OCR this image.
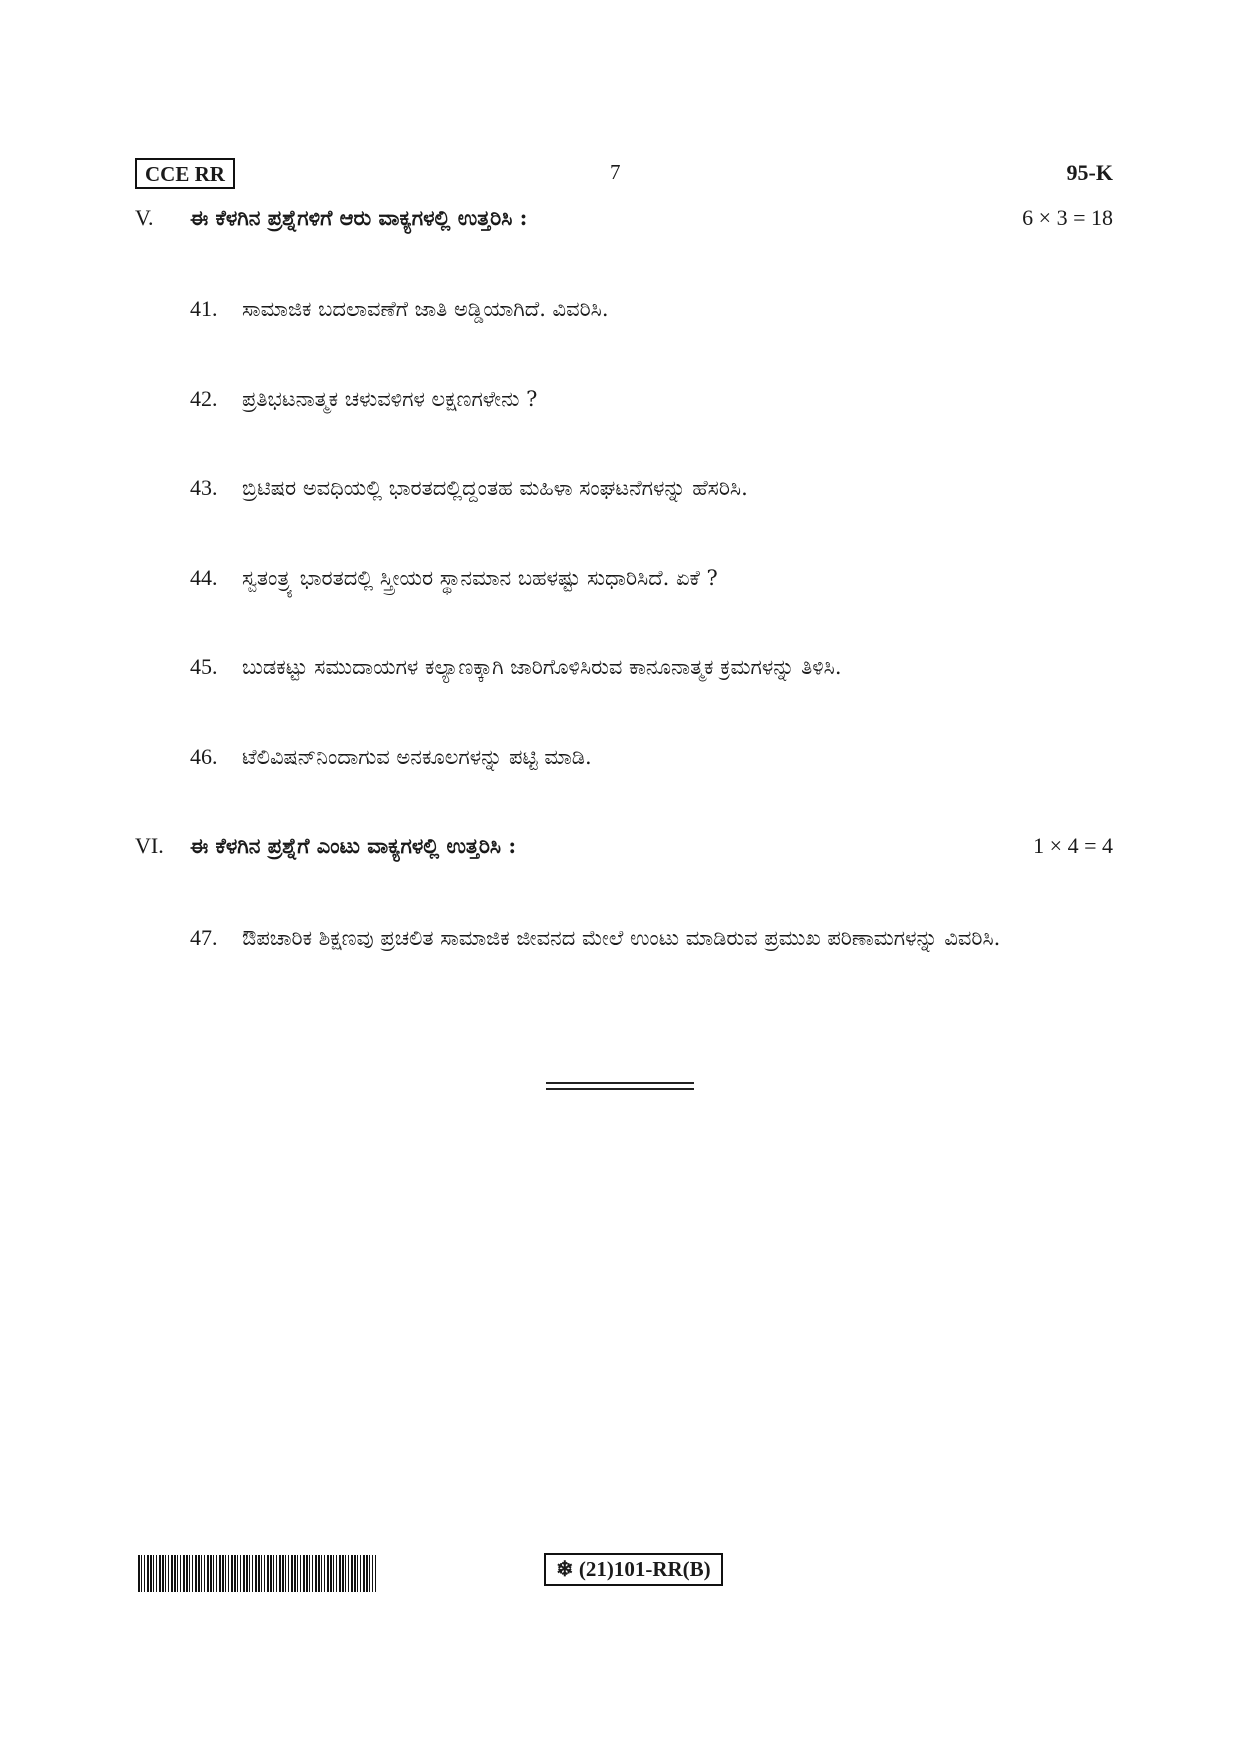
CCE RR	7	95-K
V. ಈ ಕೆಳಗಿನ ಪ್ರಶ್ನೆಗಳಿಗೆ ಆರು ವಾಕ್ಯಗಳಲ್ಲಿ ಉತ್ತರಿಸಿ :	6 × 3 = 18
41. ಸಾಮಾಜಿಕ ಬದಲಾವಣೆಗೆ ಜಾತಿ ಅಡ್ಡಿಯಾಗಿದೆ. ವಿವರಿಸಿ.
42. ಪ್ರತಿಭಟನಾತ್ಮಕ ಚಳುವಳಿಗಳ ಲಕ್ಷಣಗಳೇನು ?
43. ಬ್ರಿಟಿಷರ ಅವಧಿಯಲ್ಲಿ ಭಾರತದಲ್ಲಿದ್ದಂತಹ ಮಹಿಳಾ ಸಂಘಟನೆಗಳನ್ನು ಹೆಸರಿಸಿ.
44. ಸ್ವತಂತ್ರ್ಯ ಭಾರತದಲ್ಲಿ ಸ್ತ್ರೀಯರ ಸ್ಥಾನಮಾನ ಬಹಳಷ್ಟು ಸುಧಾರಿಸಿದೆ. ಏಕೆ ?
45. ಬುಡಕಟ್ಟು ಸಮುದಾಯಗಳ ಕಲ್ಯಾಣಕ್ಕಾಗಿ ಜಾರಿಗೊಳಿಸಿರುವ ಕಾನೂನಾತ್ಮಕ ಕ್ರಮಗಳನ್ನು ತಿಳಿಸಿ.
46. ಟೆಲಿವಿಷನ್‌ನಿಂದಾಗುವ ಅನಕೂಲಗಳನ್ನು ಪಟ್ಟಿ ಮಾಡಿ.
VI. ಈ ಕೆಳಗಿನ ಪ್ರಶ್ನೆಗೆ ಎಂಟು ವಾಕ್ಯಗಳಲ್ಲಿ ಉತ್ತರಿಸಿ :	1 × 4 = 4
47.	ಔಪಚಾರಿಕ ಶಿಕ್ಷಣವು ಪ್ರಚಲಿತ ಸಾಮಾಜಿಕ ಜೀವನದ ಮೇಲೆ ಉಂಟು ಮಾಡಿರುವ ಪ್ರಮುಖ ಪರಿಣಾಮಗಳನ್ನು ವಿವರಿಸಿ.
❄ (21)101-RR(B)
